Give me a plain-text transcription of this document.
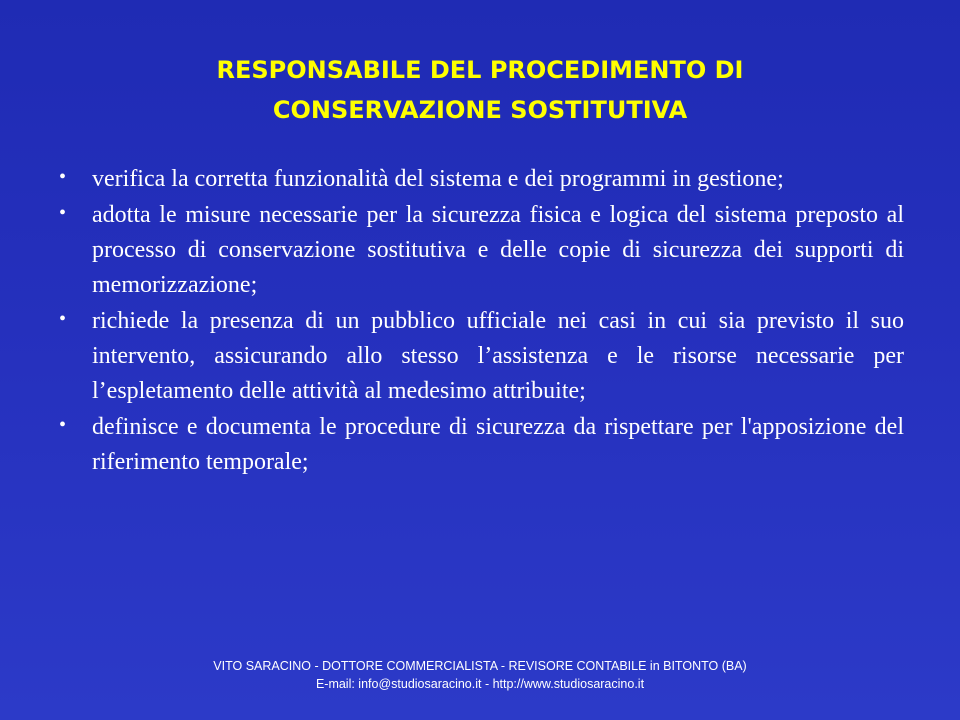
RESPONSABILE DEL PROCEDIMENTO DI
CONSERVAZIONE SOSTITUTIVA
• verifica la corretta funzionalità del sistema e dei programmi in gestione;
• adotta le misure necessarie per la sicurezza fisica e logica del sistema preposto al processo di conservazione sostitutiva e delle copie di sicurezza dei supporti di memorizzazione;
• richiede la presenza di un pubblico ufficiale nei casi in cui sia previsto il suo intervento, assicurando allo stesso l’assistenza e le risorse necessarie per l’espletamento delle attività al medesimo attribuite;
• definisce e documenta le procedure di sicurezza da rispettare per l'apposizione del riferimento temporale;
VITO SARACINO - DOTTORE COMMERCIALISTA - REVISORE CONTABILE in BITONTO (BA)
E-mail: info@studiosaracino.it - http://www.studiosaracino.it
